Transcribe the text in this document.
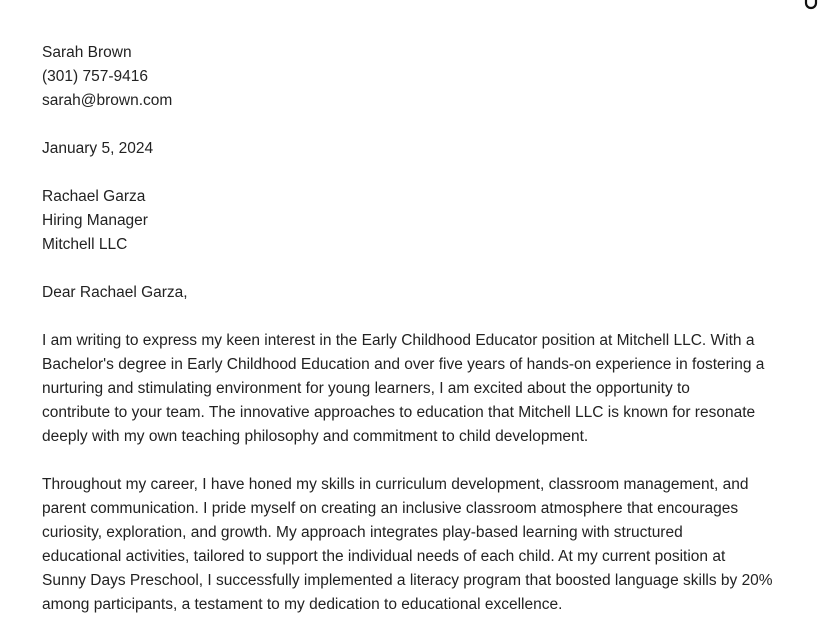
Sarah Brown
(301) 757-9416
sarah@brown.com
January 5, 2024
Rachael Garza
Hiring Manager
Mitchell LLC
Dear Rachael Garza,
I am writing to express my keen interest in the Early Childhood Educator position at Mitchell LLC. With a
Bachelor's degree in Early Childhood Education and over five years of hands-on experience in fostering a
nurturing and stimulating environment for young learners, I am excited about the opportunity to
contribute to your team. The innovative approaches to education that Mitchell LLC is known for resonate
deeply with my own teaching philosophy and commitment to child development.
Throughout my career, I have honed my skills in curriculum development, classroom management, and
parent communication. I pride myself on creating an inclusive classroom atmosphere that encourages
curiosity, exploration, and growth. My approach integrates play-based learning with structured
educational activities, tailored to support the individual needs of each child. At my current position at
Sunny Days Preschool, I successfully implemented a literacy program that boosted language skills by 20%
among participants, a testament to my dedication to educational excellence.
